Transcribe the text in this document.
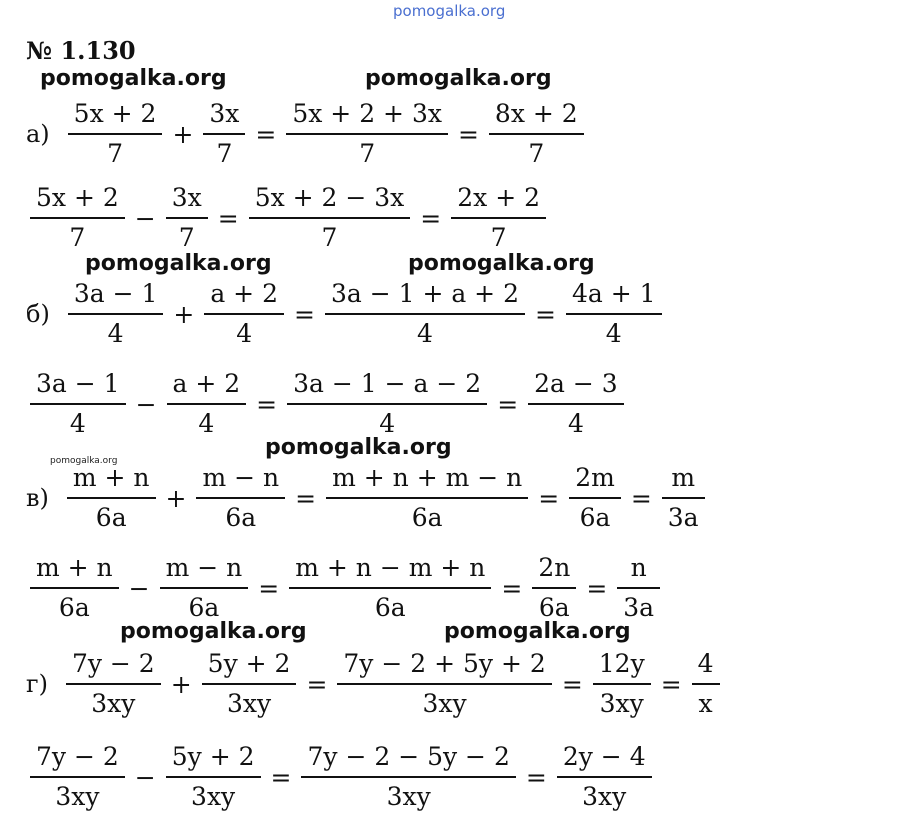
pomogalka.org
№ 1.130
pomogalka.org	pomogalka.org
pomogalka.org	pomogalka.org
pomogalka.org
pomogalka.org
pomogalka.org	pomogalka.org
$а) \frac{5x + 2}{7} + \frac{3x}{7} = \frac{5x + 2 + 3x}{7} = \frac{8x + 2}{7}$
$\frac{5x + 2}{7} - \frac{3x}{7} = \frac{5x + 2 - 3x}{7} = \frac{2x + 2}{7}$
$б) \frac{3a - 1}{4} + \frac{a + 2}{4} = \frac{3a - 1 + a + 2}{4} = \frac{4a + 1}{4}$
$\frac{3a - 1}{4} - \frac{a + 2}{4} = \frac{3a - 1 - a - 2}{4} = \frac{2a - 3}{4}$
$в) \frac{m + n}{6a} + \frac{m - n}{6a} = \frac{m + n + m - n}{6a} = \frac{2m}{6a} = \frac{m}{3a}$
$\frac{m + n}{6a} - \frac{m - n}{6a} = \frac{m + n - m + n}{6a} = \frac{2n}{6a} = \frac{n}{3a}$
$г) \frac{7y - 2}{3xy} + \frac{5y + 2}{3xy} = \frac{7y - 2 + 5y + 2}{3xy} = \frac{12y}{3xy} = \frac{4}{x}$
$\frac{7y - 2}{3xy} - \frac{5y + 2}{3xy} = \frac{7y - 2 - 5y - 2}{3xy} = \frac{2y - 4}{3xy}$
